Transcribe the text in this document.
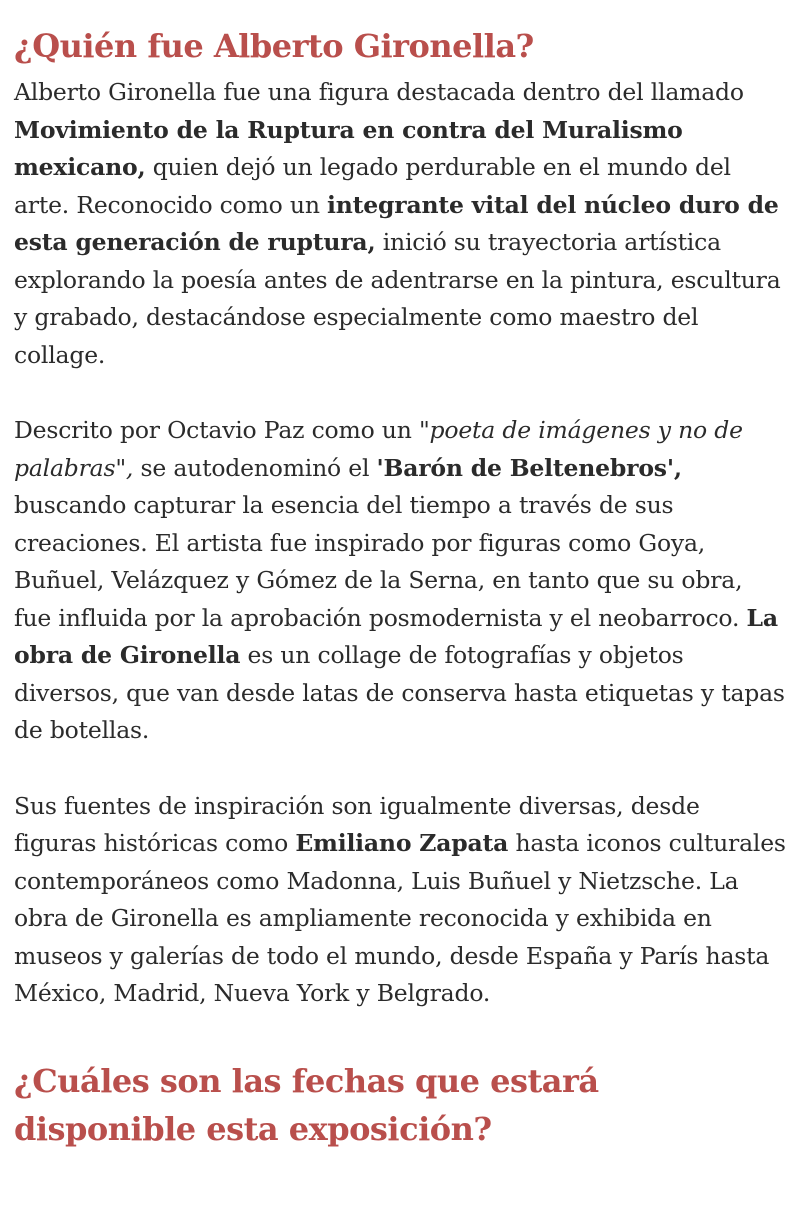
¿Quién fue Alberto Gironella?

Alberto Gironella fue una figura destacada dentro del llamado Movimiento de la Ruptura en contra del Muralismo mexicano, quien dejó un legado perdurable en el mundo del arte. Reconocido como un integrante vital del núcleo duro de esta generación de ruptura, inició su trayectoria artística explorando la poesía antes de adentrarse en la pintura, escultura y grabado, destacándose especialmente como maestro del collage.

Descrito por Octavio Paz como un "poeta de imágenes y no de palabras", se autodenominó el 'Barón de Beltenebros', buscando capturar la esencia del tiempo a través de sus creaciones. El artista fue inspirado por figuras como Goya, Buñuel, Velázquez y Gómez de la Serna, en tanto que su obra, fue influida por la aprobación posmodernista y el neobarroco. La obra de Gironella es un collage de fotografías y objetos diversos, que van desde latas de conserva hasta etiquetas y tapas de botellas.

Sus fuentes de inspiración son igualmente diversas, desde figuras históricas como Emiliano Zapata hasta iconos culturales contemporáneos como Madonna, Luis Buñuel y Nietzsche. La obra de Gironella es ampliamente reconocida y exhibida en museos y galerías de todo el mundo, desde España y París hasta México, Madrid, Nueva York y Belgrado.

¿Cuáles son las fechas que estará disponible esta exposición?
